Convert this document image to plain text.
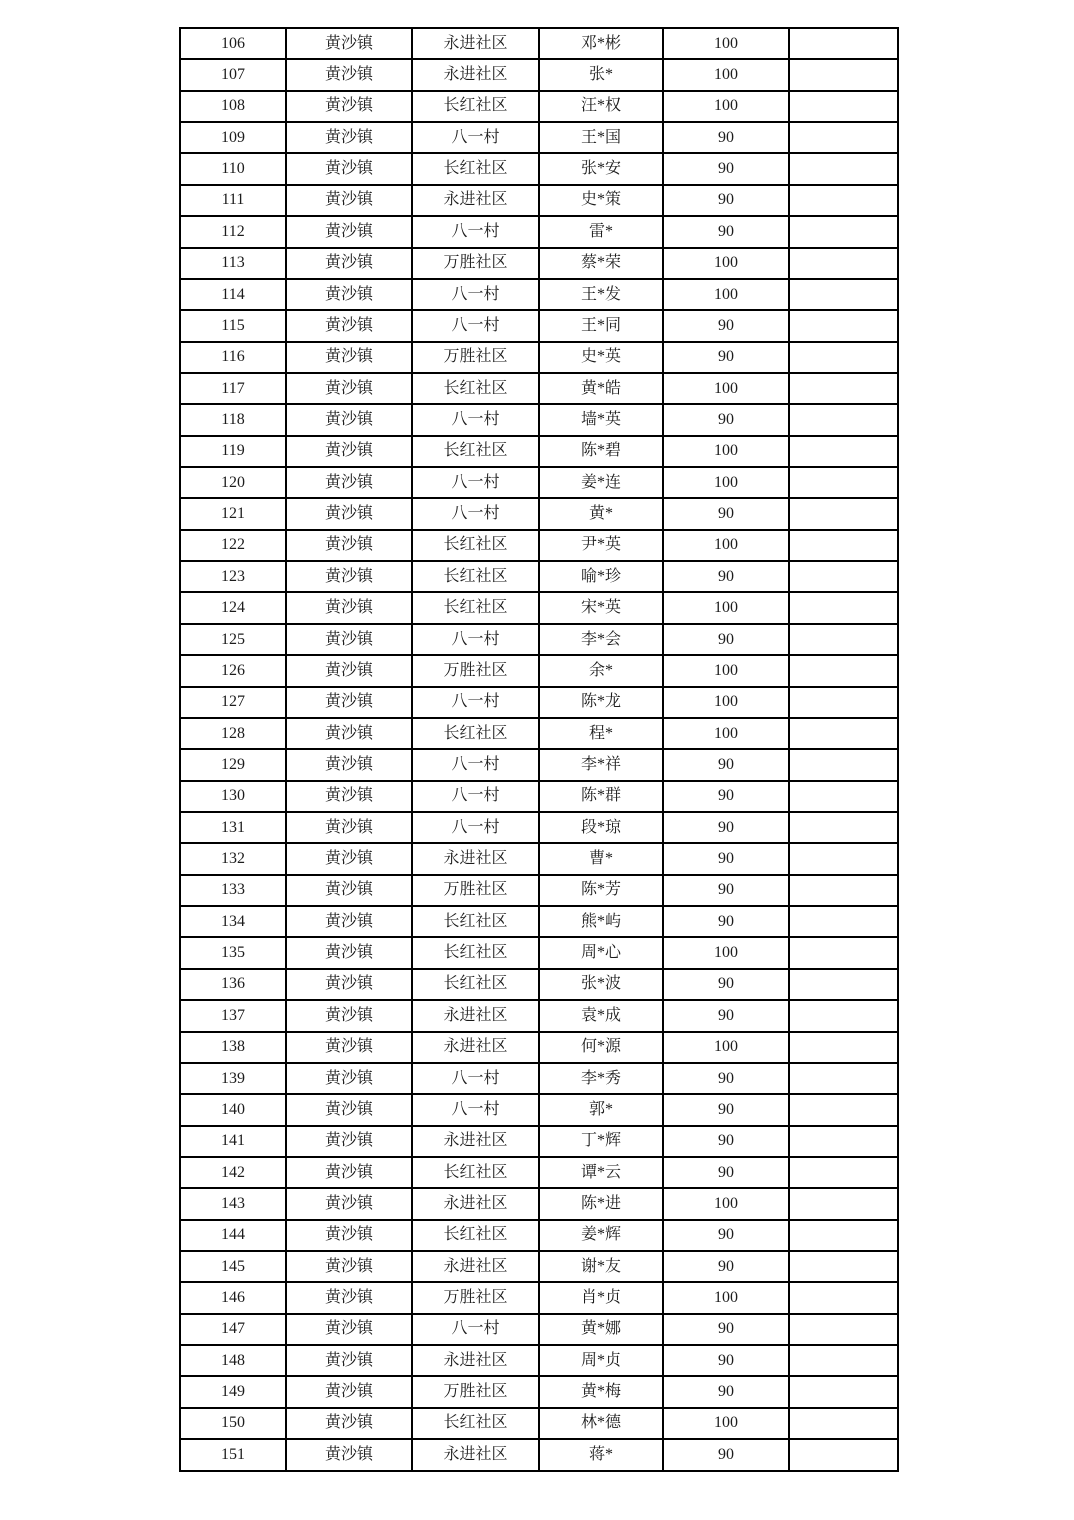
106	黄沙镇	永进社区	邓*彬	100	
107	黄沙镇	永进社区	张*	100	
108	黄沙镇	长红社区	汪*权	100	
109	黄沙镇	八一村	王*国	90	
110	黄沙镇	长红社区	张*安	90	
111	黄沙镇	永进社区	史*策	90	
112	黄沙镇	八一村	雷*	90	
113	黄沙镇	万胜社区	蔡*荣	100	
114	黄沙镇	八一村	王*发	100	
115	黄沙镇	八一村	王*同	90	
116	黄沙镇	万胜社区	史*英	90	
117	黄沙镇	长红社区	黄*皓	100	
118	黄沙镇	八一村	墙*英	90	
119	黄沙镇	长红社区	陈*碧	100	
120	黄沙镇	八一村	姜*连	100	
121	黄沙镇	八一村	黄*	90	
122	黄沙镇	长红社区	尹*英	100	
123	黄沙镇	长红社区	喻*珍	90	
124	黄沙镇	长红社区	宋*英	100	
125	黄沙镇	八一村	李*会	90	
126	黄沙镇	万胜社区	余*	100	
127	黄沙镇	八一村	陈*龙	100	
128	黄沙镇	长红社区	程*	100	
129	黄沙镇	八一村	李*祥	90	
130	黄沙镇	八一村	陈*群	90	
131	黄沙镇	八一村	段*琼	90	
132	黄沙镇	永进社区	曹*	90	
133	黄沙镇	万胜社区	陈*芳	90	
134	黄沙镇	长红社区	熊*屿	90	
135	黄沙镇	长红社区	周*心	100	
136	黄沙镇	长红社区	张*波	90	
137	黄沙镇	永进社区	袁*成	90	
138	黄沙镇	永进社区	何*源	100	
139	黄沙镇	八一村	李*秀	90	
140	黄沙镇	八一村	郭*	90	
141	黄沙镇	永进社区	丁*辉	90	
142	黄沙镇	长红社区	谭*云	90	
143	黄沙镇	永进社区	陈*进	100	
144	黄沙镇	长红社区	姜*辉	90	
145	黄沙镇	永进社区	谢*友	90	
146	黄沙镇	万胜社区	肖*贞	100	
147	黄沙镇	八一村	黄*娜	90	
148	黄沙镇	永进社区	周*贞	90	
149	黄沙镇	万胜社区	黄*梅	90	
150	黄沙镇	长红社区	林*德	100	
151	黄沙镇	永进社区	蒋*	90	
